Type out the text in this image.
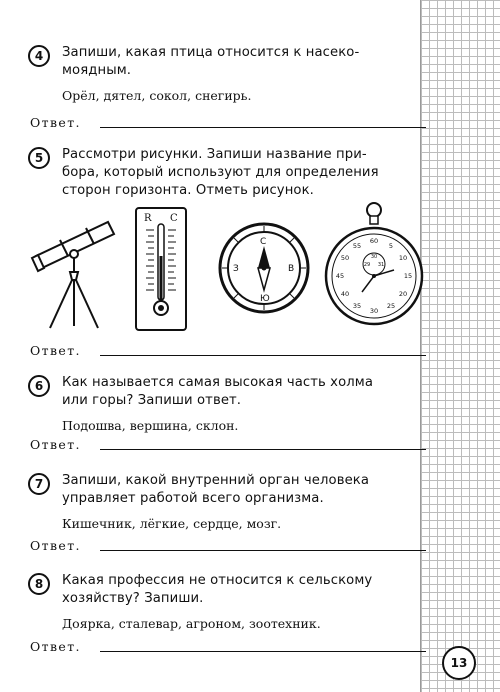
4	Запиши, какая птица относится к насеко-
моядным.
Орёл, дятел, сокол, снегирь.
Ответ.
5	Рассмотри рисунки. Запиши название при-
бора, который используют для определения
сторон горизонта. Отметь рисунок.
R C
С
Ю
З	В
60
5
10
15
20
25
30
35
40
45
50
55
30
29 31
Ответ.
6	Как называется самая высокая часть холма
или горы? Запиши ответ.
Подошва, вершина, склон.
Ответ.
7	Запиши, какой внутренний орган человека
управляет работой всего организма.
Кишечник, лёгкие, сердце, мозг.
Ответ.
8	Какая профессия не относится к сельскому
хозяйству? Запиши.
Доярка, сталевар, агроном, зоотехник.
Ответ.
13
